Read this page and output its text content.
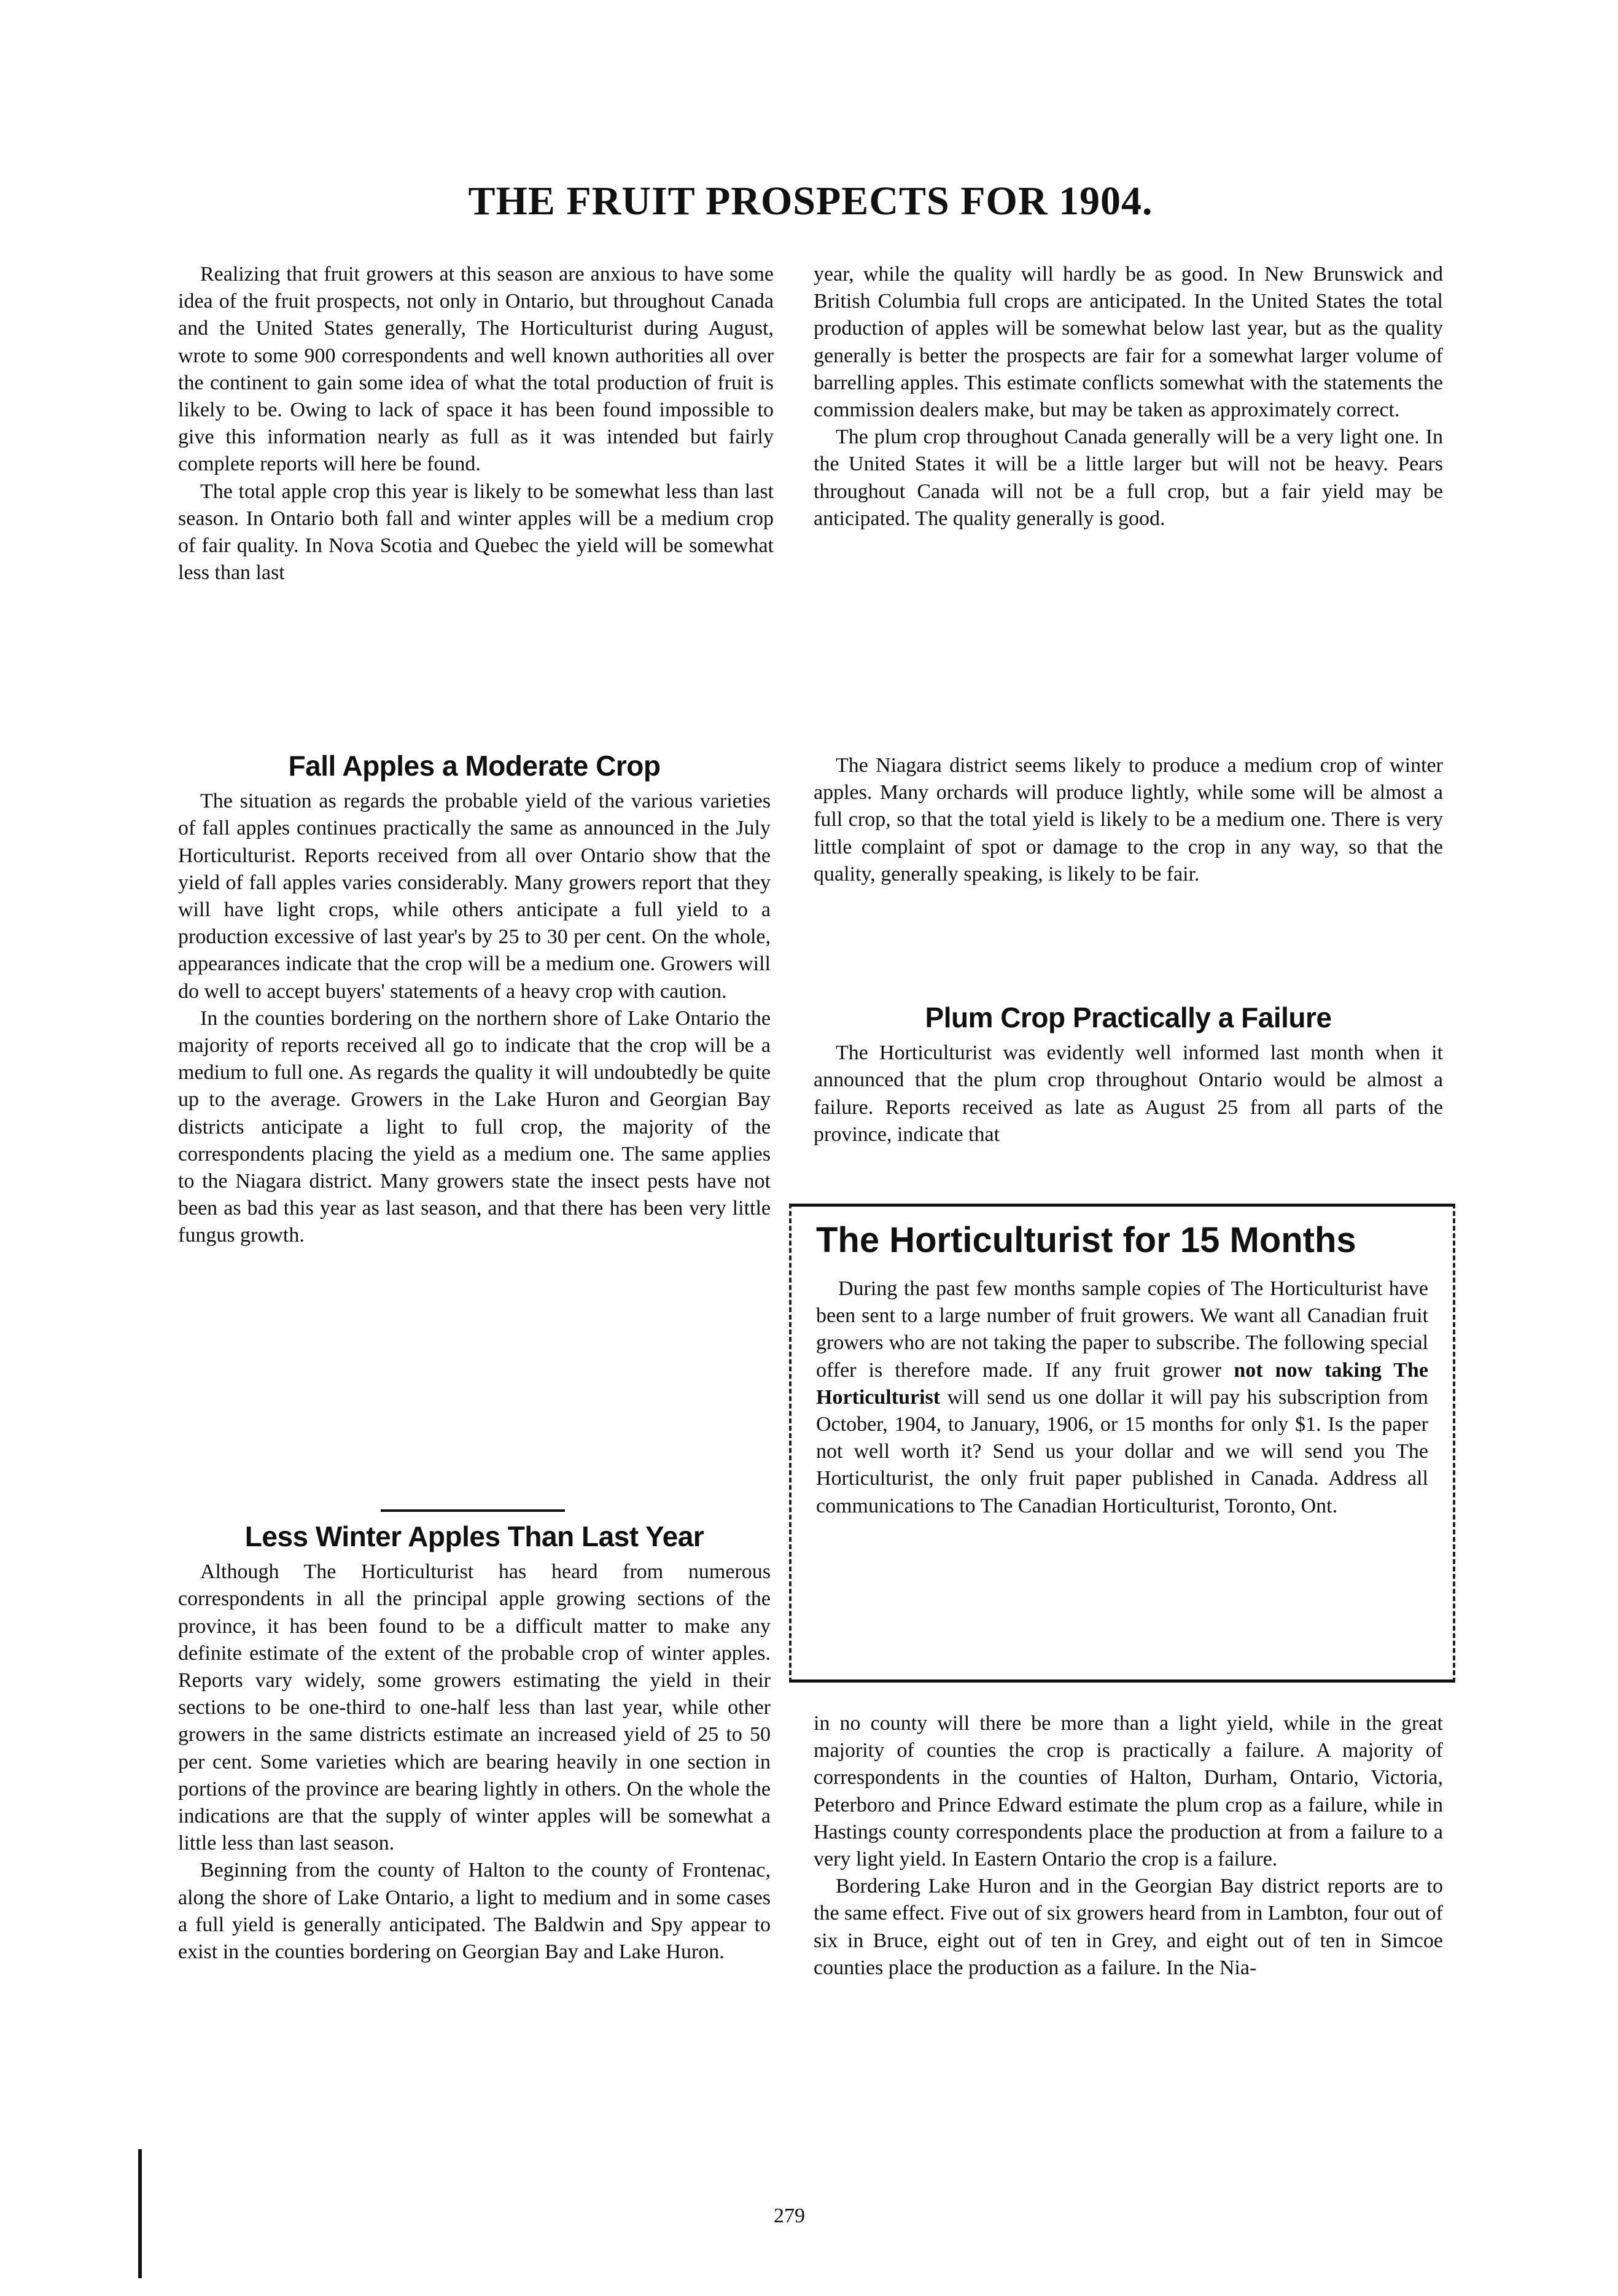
THE FRUIT PROSPECTS FOR 1904.

Realizing that fruit growers at this season are anxious to have some idea of the fruit prospects, not only in Ontario, but throughout Canada and the United States generally, The Horticulturist during August, wrote to some 900 correspondents and well known authorities all over the continent to gain some idea of what the total production of fruit is likely to be. Owing to lack of space it has been found impossible to give this information nearly as full as it was intended but fairly complete reports will here be found.

The total apple crop this year is likely to be somewhat less than last season. In Ontario both fall and winter apples will be a medium crop of fair quality. In Nova Scotia and Quebec the yield will be somewhat less than last

year, while the quality will hardly be as good. In New Brunswick and British Columbia full crops are anticipated. In the United States the total production of apples will be somewhat below last year, but as the quality generally is better the prospects are fair for a somewhat larger volume of barrelling apples. This estimate conflicts somewhat with the statements the commission dealers make, but may be taken as approximately correct.

The plum crop throughout Canada generally will be a very light one. In the United States it will be a little larger but will not be heavy. Pears throughout Canada will not be a full crop, but a fair yield may be anticipated. The quality generally is good.

Fall Apples a Moderate Crop

The situation as regards the probable yield of the various varieties of fall apples continues practically the same as announced in the July Horticulturist. Reports received from all over Ontario show that the yield of fall apples varies considerably. Many growers report that they will have light crops, while others anticipate a full yield to a production excessive of last year's by 25 to 30 per cent. On the whole, appearances indicate that the crop will be a medium one. Growers will do well to accept buyers' statements of a heavy crop with caution.

In the counties bordering on the northern shore of Lake Ontario the majority of reports received all go to indicate that the crop will be a medium to full one. As regards the quality it will undoubtedly be quite up to the average. Growers in the Lake Huron and Georgian Bay districts anticipate a light to full crop, the majority of the correspondents placing the yield as a medium one. The same applies to the Niagara district. Many growers state the insect pests have not been as bad this year as last season, and that there has been very little fungus growth.

Less Winter Apples Than Last Year

Although The Horticulturist has heard from numerous correspondents in all the principal apple growing sections of the province, it has been found to be a difficult matter to make any definite estimate of the extent of the probable crop of winter apples. Reports vary widely, some growers estimating the yield in their sections to be one-third to one-half less than last year, while other growers in the same districts estimate an increased yield of 25 to 50 per cent. Some varieties which are bearing heavily in one section in portions of the province are bearing lightly in others. On the whole the indications are that the supply of winter apples will be somewhat a little less than last season.

Beginning from the county of Halton to the county of Frontenac, along the shore of Lake Ontario, a light to medium and in some cases a full yield is generally anticipated. The Baldwin and Spy appear to exist in the counties bordering on Georgian Bay and Lake Huron.

The Niagara district seems likely to produce a medium crop of winter apples. Many orchards will produce lightly, while some will be almost a full crop, so that the total yield is likely to be a medium one. There is very little complaint of spot or damage to the crop in any way, so that the quality, generally speaking, is likely to be fair.

Plum Crop Practically a Failure

The Horticulturist was evidently well informed last month when it announced that the plum crop throughout Ontario would be almost a failure. Reports received as late as August 25 from all parts of the province, indicate that

The Horticulturist for 15 Months

During the past few months sample copies of The Horticulturist have been sent to a large number of fruit growers. We want all Canadian fruit growers who are not taking the paper to subscribe. The following special offer is therefore made. If any fruit grower not now taking The Horticulturist will send us one dollar it will pay his subscription from October, 1904, to January, 1906, or 15 months for only $1. Is the paper not well worth it? Send us your dollar and we will send you The Horticulturist, the only fruit paper published in Canada. Address all communications to The Canadian Horticulturist, Toronto, Ont.

in no county will there be more than a light yield, while in the great majority of counties the crop is practically a failure. A majority of correspondents in the counties of Halton, Durham, Ontario, Victoria, Peterboro and Prince Edward estimate the plum crop as a failure, while in Hastings county correspondents place the production at from a failure to a very light yield. In Eastern Ontario the crop is a failure.

Bordering Lake Huron and in the Georgian Bay district reports are to the same effect. Five out of six growers heard from in Lambton, four out of six in Bruce, eight out of ten in Grey, and eight out of ten in Simcoe counties place the production as a failure. In the Nia-

279
